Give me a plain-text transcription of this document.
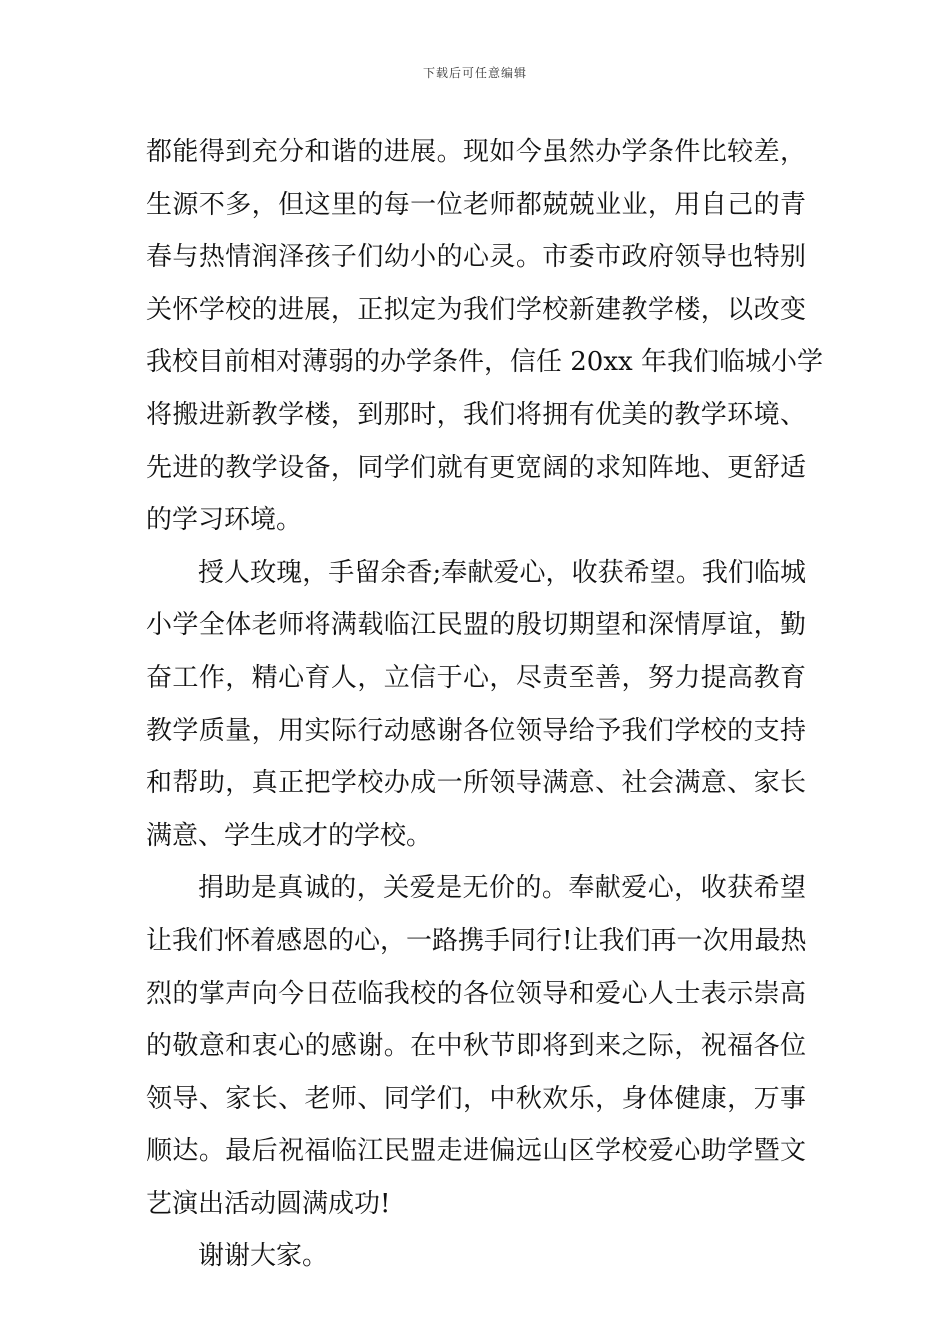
下载后可任意编辑
都能得到充分和谐的进展。现如今虽然办学条件比较差，
生源不多，但这里的每一位老师都兢兢业业，用自己的青
春与热情润泽孩子们幼小的心灵。市委市政府领导也特别
关怀学校的进展，正拟定为我们学校新建教学楼，以改变
我校目前相对薄弱的办学条件，信任 20xx 年我们临城小学
将搬进新教学楼，到那时，我们将拥有优美的教学环境、
先进的教学设备，同学们就有更宽阔的求知阵地、更舒适
的学习环境。
授人玫瑰，手留余香;奉献爱心，收获希望。我们临城
小学全体老师将满载临江民盟的殷切期望和深情厚谊，勤
奋工作，精心育人，立信于心，尽责至善，努力提高教育
教学质量，用实际行动感谢各位领导给予我们学校的支持
和帮助，真正把学校办成一所领导满意、社会满意、家长
满意、学生成才的学校。
捐助是真诚的，关爱是无价的。奉献爱心，收获希望
让我们怀着感恩的心，一路携手同行!让我们再一次用最热
烈的掌声向今日莅临我校的各位领导和爱心人士表示崇高
的敬意和衷心的感谢。在中秋节即将到来之际，祝福各位
领导、家长、老师、同学们，中秋欢乐，身体健康，万事
顺达。最后祝福临江民盟走进偏远山区学校爱心助学暨文
艺演出活动圆满成功!
谢谢大家。
